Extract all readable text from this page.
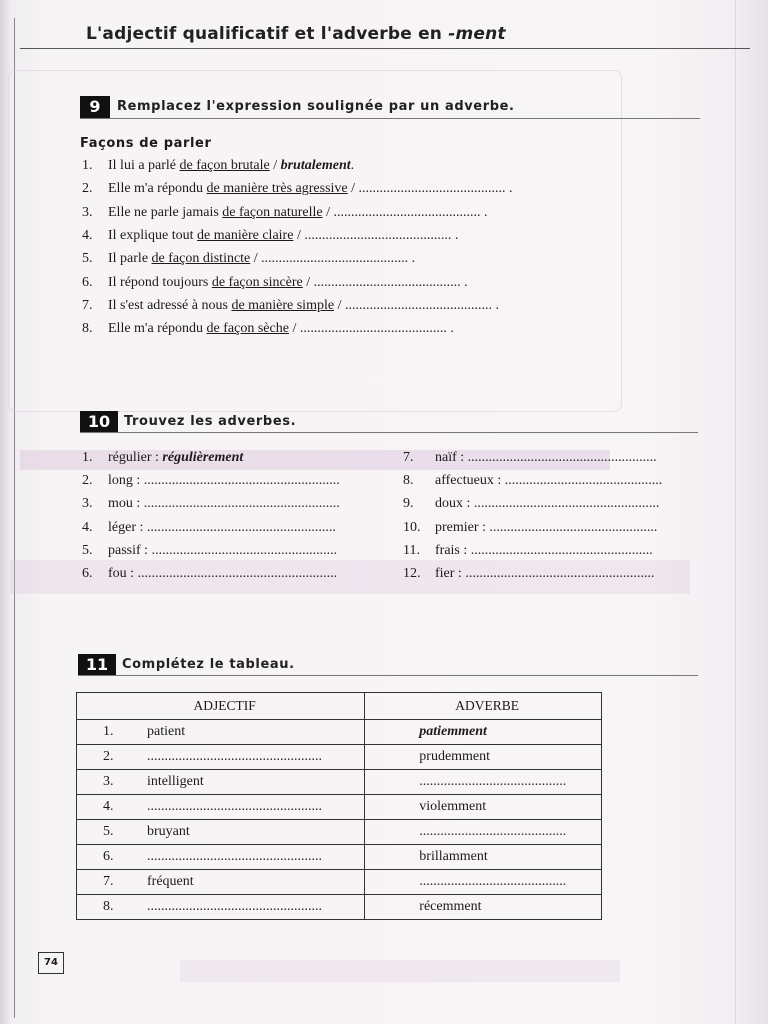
L'adjectif qualificatif et l'adverbe en -ment
9	Remplacez l'expression soulignée par un adverbe.
Façons de parler
1. Il lui a parlé de façon brutale / brutalement.
2. Elle m'a répondu de manière très agressive / .......................................... .
3. Elle ne parle jamais de façon naturelle / .......................................... .
4. Il explique tout de manière claire / .......................................... .
5. Il parle de façon distincte / .......................................... .
6. Il répond toujours de façon sincère / .......................................... .
7. Il s'est adressé à nous de manière simple / .......................................... .
8. Elle m'a répondu de façon sèche / .......................................... .
10	Trouvez les adverbes.
1. régulier : régulièrement
2. long : ........................................................
3. mou : ........................................................
4. léger : ......................................................
5. passif : .....................................................
6. fou : .........................................................
7. naïf : ......................................................
8. affectueux : .............................................
9. doux : .....................................................
10. premier : ................................................
11. frais : ....................................................
12. fier : ......................................................
11	Complétez le tableau.
ADJECTIF	ADVERBE
1. patient	patiemment
2. ..................................................	prudemment
3. intelligent	..........................................
4. ..................................................	violemment
5. bruyant	..........................................
6. ..................................................	brillamment
7. fréquent	..........................................
8. ..................................................	récemment
74
